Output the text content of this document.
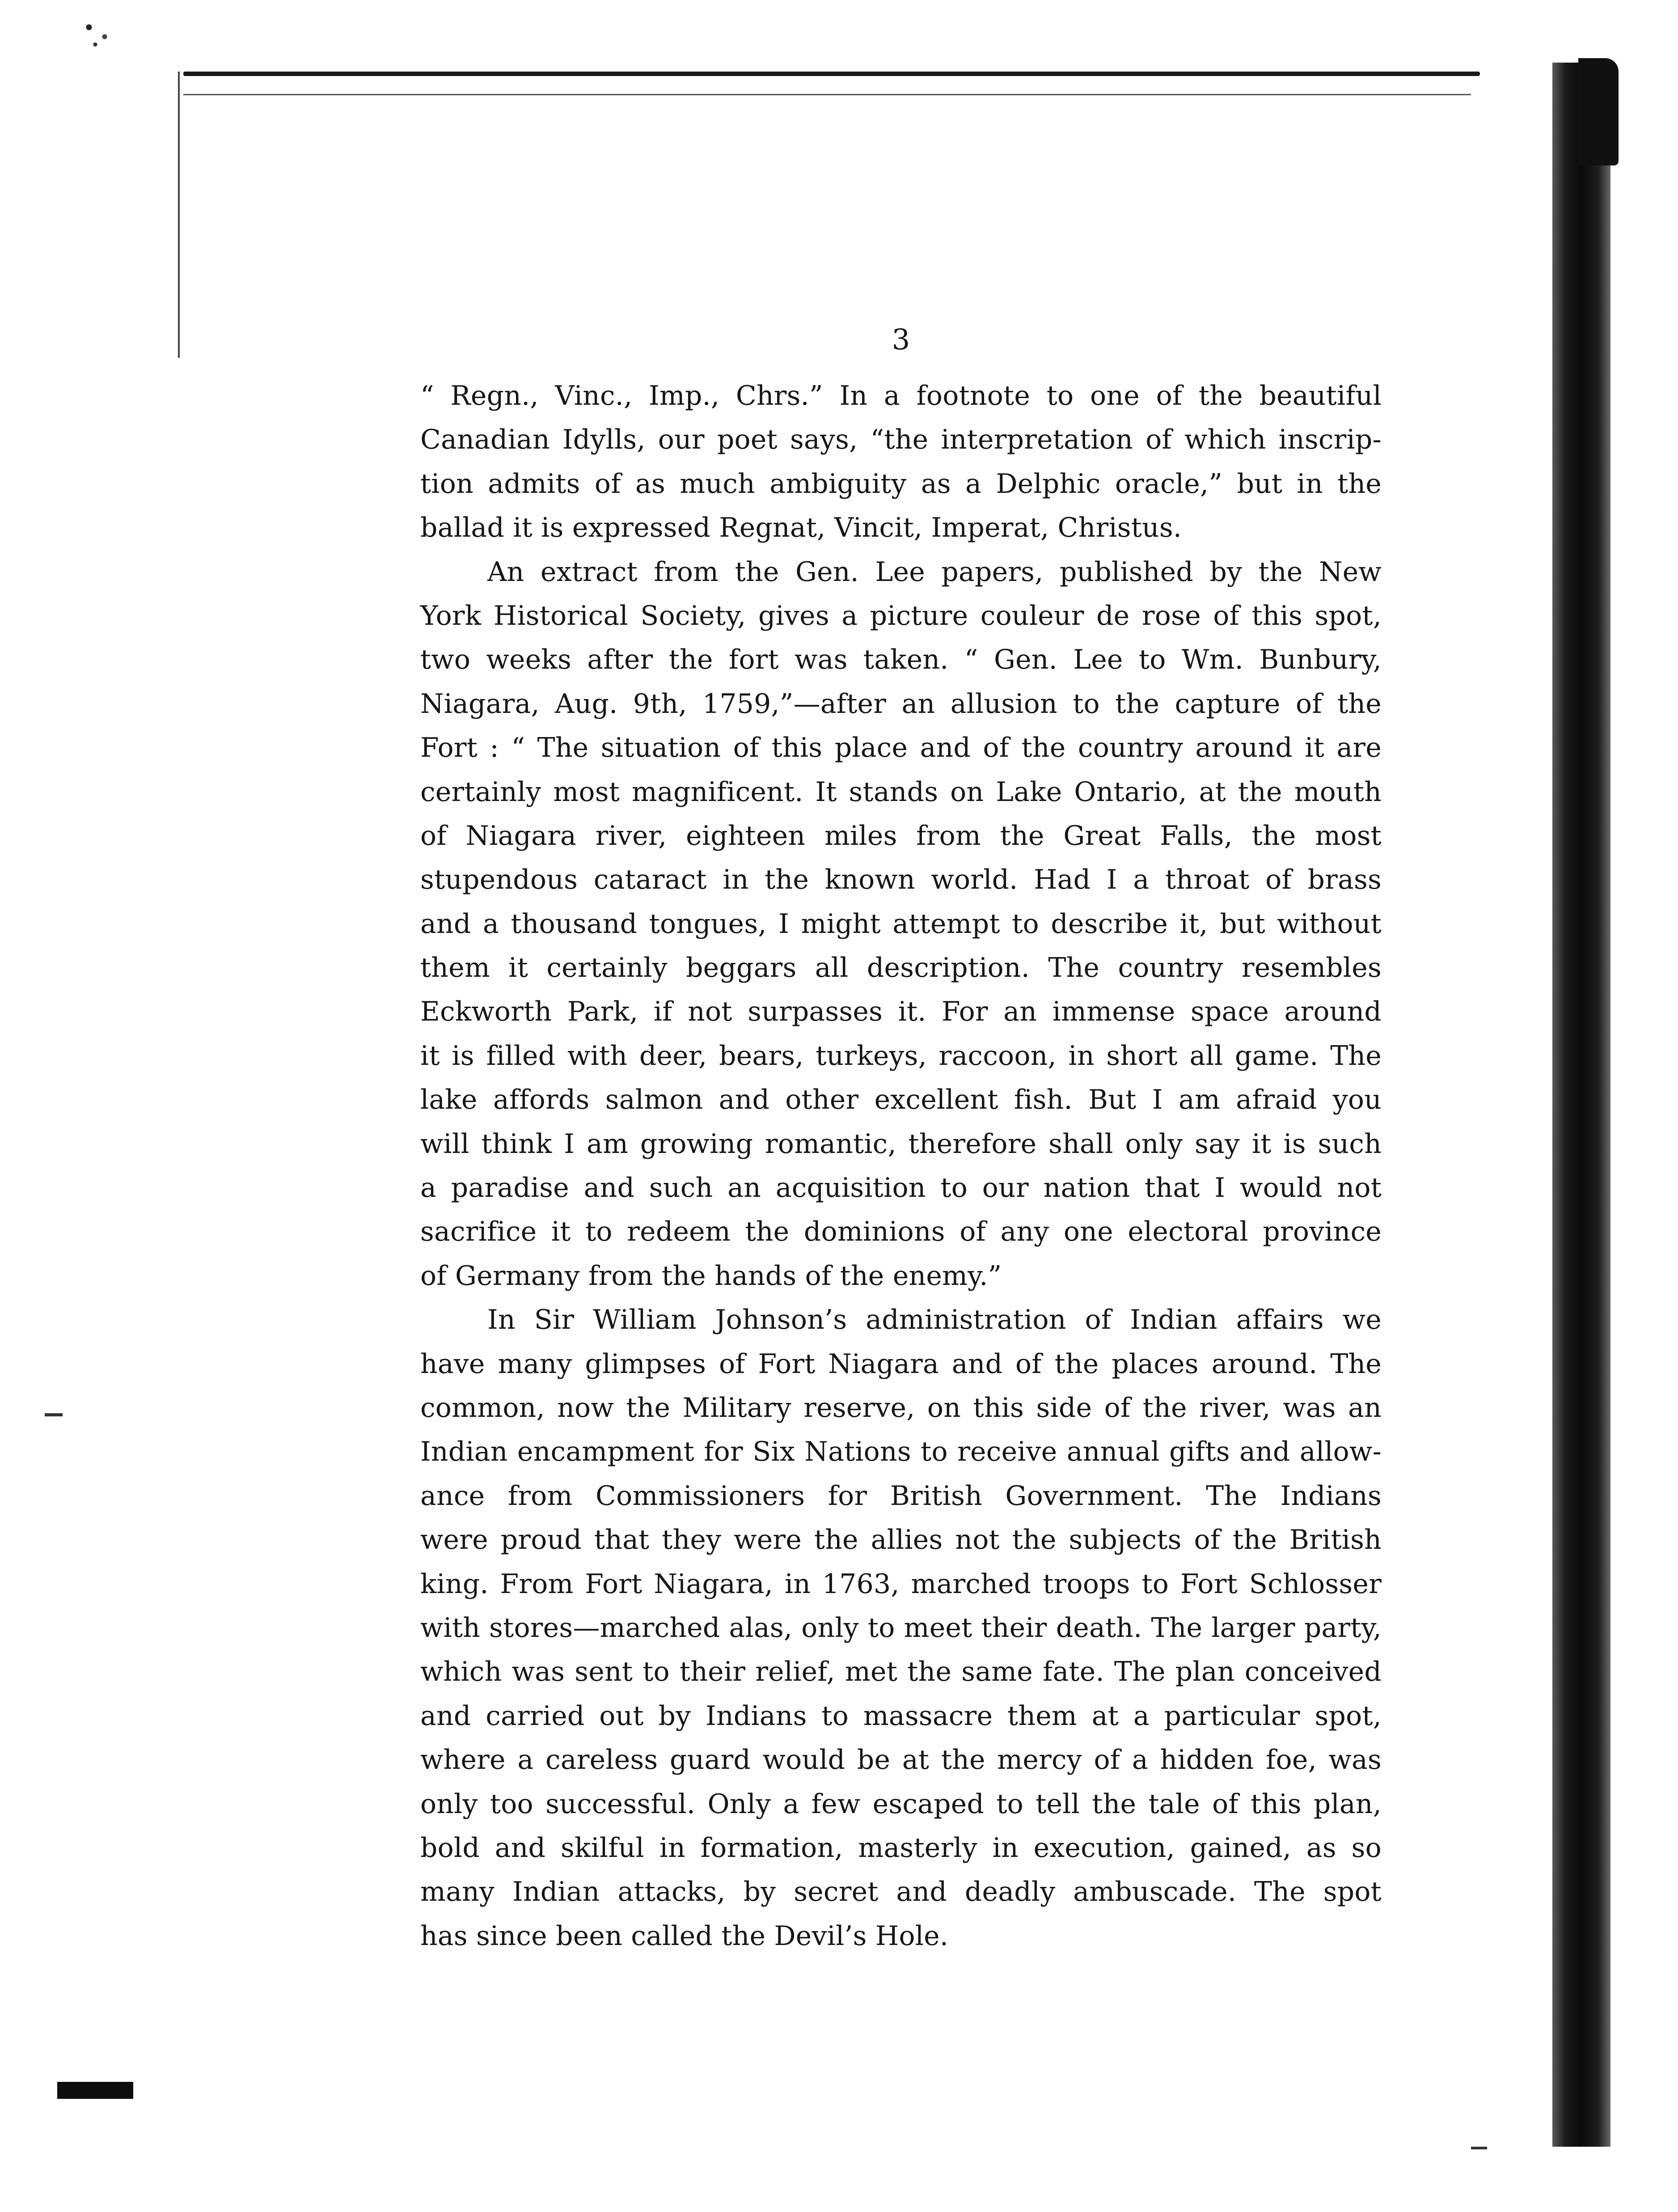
3
“ Regn., Vinc., Imp., Chrs.” In a footnote to one of the beautiful
Canadian Idylls, our poet says, “the interpretation of which inscrip-
tion admits of as much ambiguity as a Delphic oracle,” but in the
ballad it is expressed Regnat, Vincit, Imperat, Christus.
An extract from the Gen. Lee papers, published by the New
York Historical Society, gives a picture couleur de rose of this spot,
two weeks after the fort was taken. “ Gen. Lee to Wm. Bunbury,
Niagara, Aug. 9th, 1759,”—after an allusion to the capture of the
Fort : “ The situation of this place and of the country around it are
certainly most magnificent. It stands on Lake Ontario, at the mouth
of Niagara river, eighteen miles from the Great Falls, the most
stupendous cataract in the known world. Had I a throat of brass
and a thousand tongues, I might attempt to describe it, but without
them it certainly beggars all description. The country resembles
Eckworth Park, if not surpasses it. For an immense space around
it is filled with deer, bears, turkeys, raccoon, in short all game. The
lake affords salmon and other excellent fish. But I am afraid you
will think I am growing romantic, therefore shall only say it is such
a paradise and such an acquisition to our nation that I would not
sacrifice it to redeem the dominions of any one electoral province
of Germany from the hands of the enemy.”
In Sir William Johnson’s administration of Indian affairs we
have many glimpses of Fort Niagara and of the places around. The
common, now the Military reserve, on this side of the river, was an
Indian encampment for Six Nations to receive annual gifts and allow-
ance from Commissioners for British Government. The Indians
were proud that they were the allies not the subjects of the British
king. From Fort Niagara, in 1763, marched troops to Fort Schlosser
with stores—marched alas, only to meet their death. The larger party,
which was sent to their relief, met the same fate. The plan conceived
and carried out by Indians to massacre them at a particular spot,
where a careless guard would be at the mercy of a hidden foe, was
only too successful. Only a few escaped to tell the tale of this plan,
bold and skilful in formation, masterly in execution, gained, as so
many Indian attacks, by secret and deadly ambuscade. The spot
has since been called the Devil’s Hole.
